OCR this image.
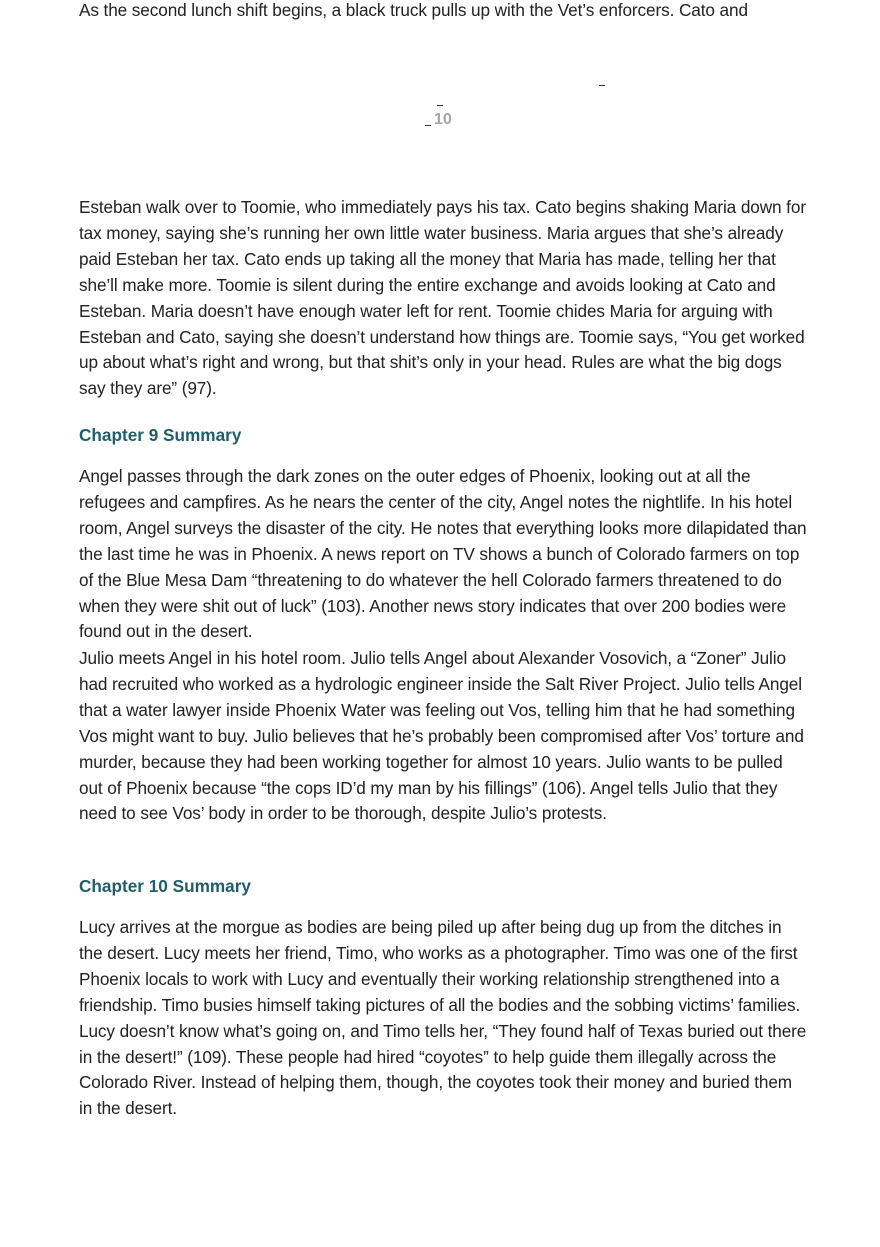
As the second lunch shift begins, a black truck pulls up with the Vet’s enforcers. Cato and

10

Esteban walk over to Toomie, who immediately pays his tax. Cato begins shaking Maria down for tax money, saying she’s running her own little water business. Maria argues that she’s already paid Esteban her tax. Cato ends up taking all the money that Maria has made, telling her that she’ll make more. Toomie is silent during the entire exchange and avoids looking at Cato and Esteban. Maria doesn’t have enough water left for rent. Toomie chides Maria for arguing with Esteban and Cato, saying she doesn’t understand how things are. Toomie says, “You get worked up about what’s right and wrong, but that shit’s only in your head. Rules are what the big dogs say they are” (97).

Chapter 9 Summary

Angel passes through the dark zones on the outer edges of Phoenix, looking out at all the refugees and campfires. As he nears the center of the city, Angel notes the nightlife. In his hotel room, Angel surveys the disaster of the city. He notes that everything looks more dilapidated than the last time he was in Phoenix. A news report on TV shows a bunch of Colorado farmers on top of the Blue Mesa Dam “threatening to do whatever the hell Colorado farmers threatened to do when they were shit out of luck” (103). Another news story indicates that over 200 bodies were found out in the desert.

Julio meets Angel in his hotel room. Julio tells Angel about Alexander Vosovich, a “Zoner” Julio had recruited who worked as a hydrologic engineer inside the Salt River Project. Julio tells Angel that a water lawyer inside Phoenix Water was feeling out Vos, telling him that he had something Vos might want to buy. Julio believes that he’s probably been compromised after Vos’ torture and murder, because they had been working together for almost 10 years. Julio wants to be pulled out of Phoenix because “the cops ID’d my man by his fillings” (106). Angel tells Julio that they need to see Vos’ body in order to be thorough, despite Julio’s protests.

Chapter 10 Summary

Lucy arrives at the morgue as bodies are being piled up after being dug up from the ditches in the desert. Lucy meets her friend, Timo, who works as a photographer. Timo was one of the first Phoenix locals to work with Lucy and eventually their working relationship strengthened into a friendship. Timo busies himself taking pictures of all the bodies and the sobbing victims’ families. Lucy doesn’t know what’s going on, and Timo tells her, “They found half of Texas buried out there in the desert!” (109). These people had hired “coyotes” to help guide them illegally across the Colorado River. Instead of helping them, though, the coyotes took their money and buried them in the desert.
